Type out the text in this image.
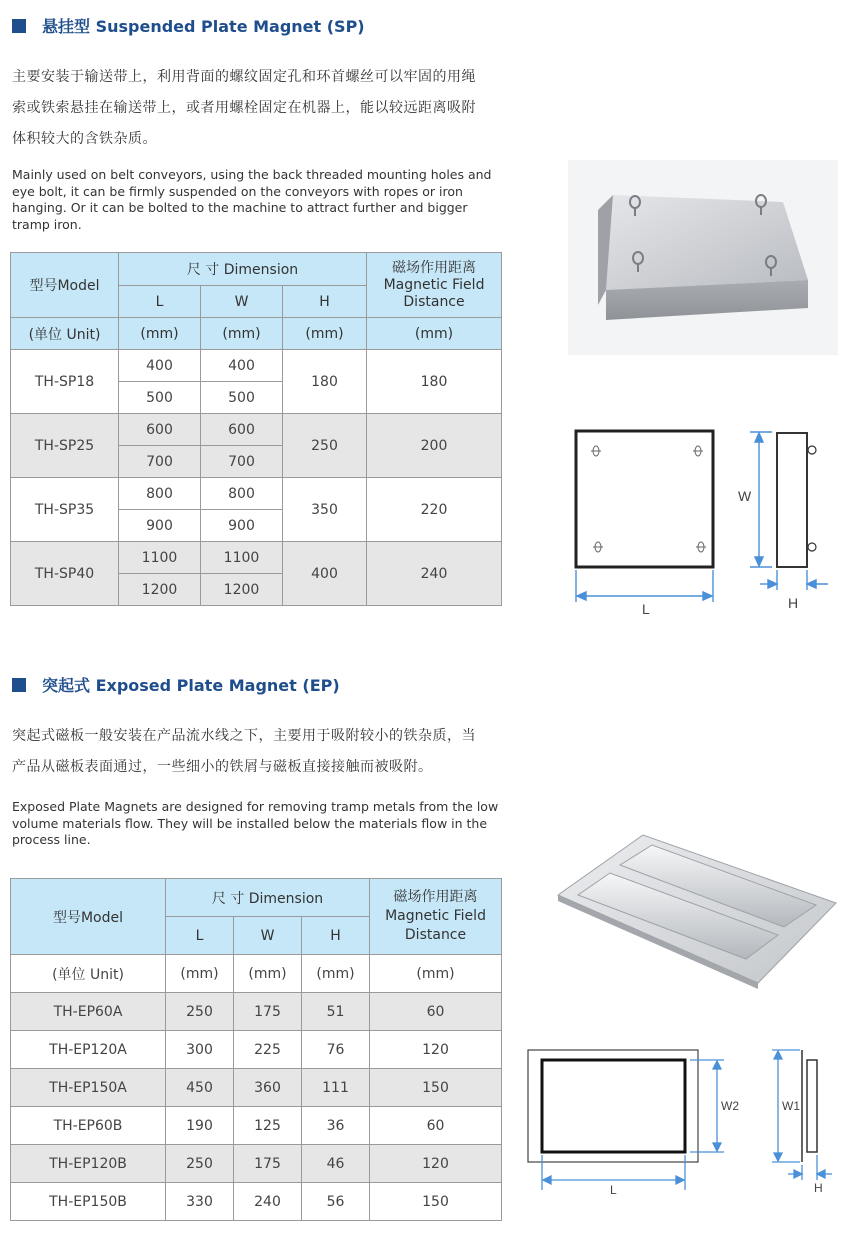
悬挂型 Suspended Plate Magnet (SP)
主要安装于输送带上，利用背面的螺纹固定孔和环首螺丝可以牢固的用绳
索或铁索悬挂在输送带上，或者用螺栓固定在机器上，能以较远距离吸附
体积较大的含铁杂质。
Mainly used on belt conveyors, using the back threaded mounting holes and
eye bolt, it can be firmly suspended on the conveyors with ropes or iron
hanging. Or it can be bolted to the machine to attract further and bigger
tramp iron.
型号Model	尺 寸 Dimension			磁场作用距离
Magnetic Field
Distance

	L	W	H	
(单位 Unit)	(mm)	(mm)	(mm)	(mm)
TH-SP18	400	400	180	180
	500	500		
TH-SP25	600	600	250	200
	700	700		
TH-SP35	800	800	350	220
	900	900		
TH-SP40	1100	1100	400	240
	1200	1200		
W
L	H
突起式 Exposed Plate Magnet (EP)
突起式磁板一般安装在产品流水线之下，主要用于吸附较小的铁杂质，当
产品从磁板表面通过，一些细小的铁屑与磁板直接接触而被吸附。
Exposed Plate Magnets are designed for removing tramp metals from the low
volume materials flow. They will be installed below the materials flow in the
process line.
型号Model	尺 寸 Dimension			磁场作用距离
Magnetic Field
Distance

	L	W	H	
(单位 Unit)	(mm)	(mm)	(mm)	(mm)
TH-EP60A	250	175	51	60
TH-EP120A	300	225	76	120
TH-EP150A	450	360	111	150
TH-EP60B	190	125	36	60
TH-EP120B	250	175	46	120
TH-EP150B	330	240	56	150
W2	W1
L	H
